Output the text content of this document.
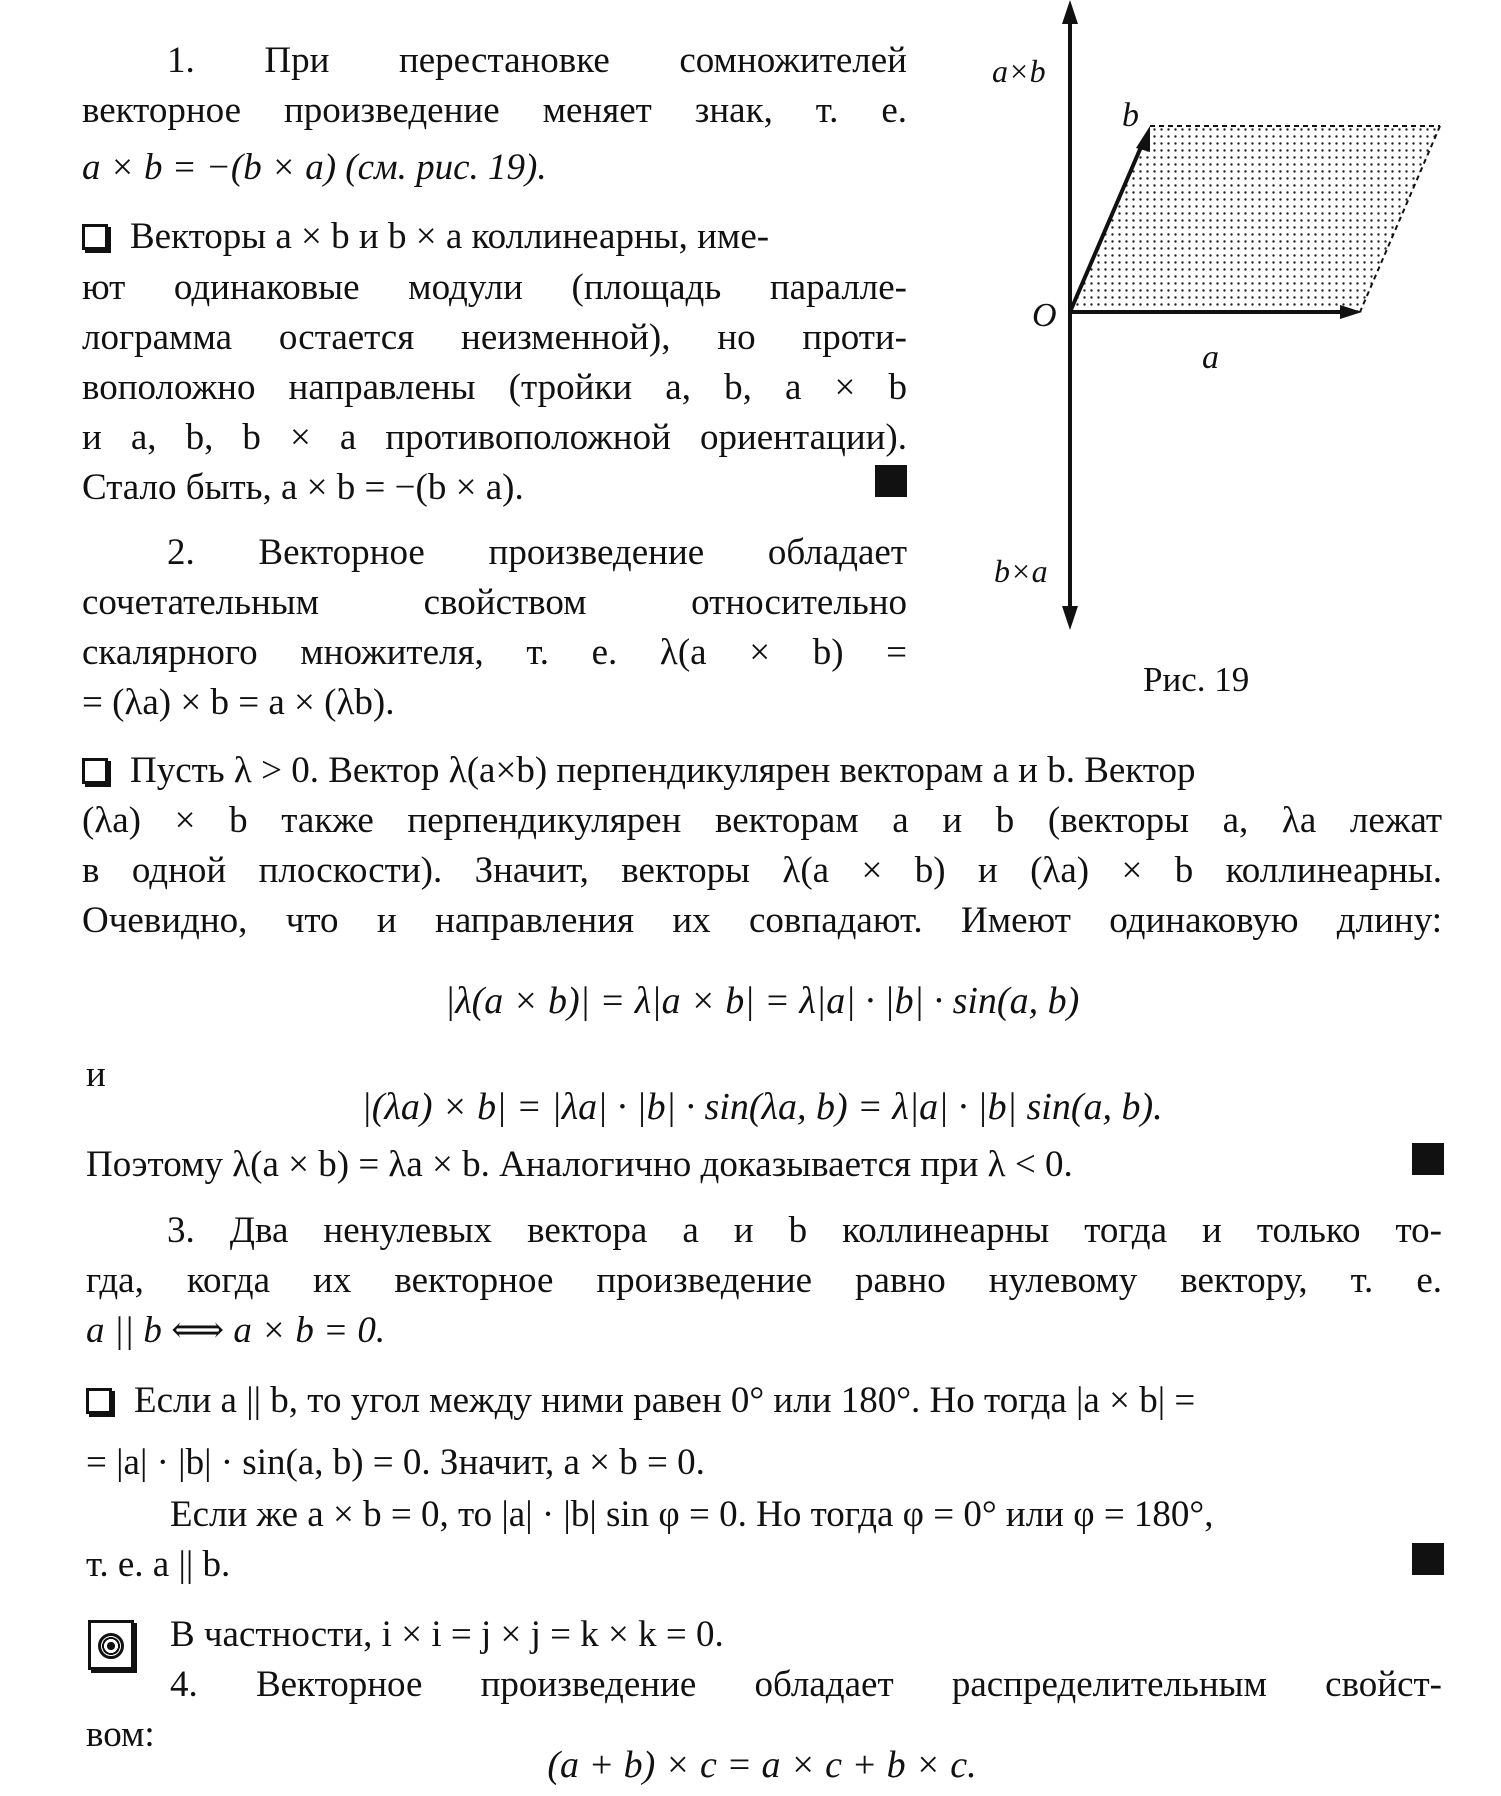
1. При перестановке сомножителей
векторное произведение меняет знак, т. е.
a × b = −(b × a) (см. рис. 19).
Векторы a × b и b × a коллинеарны, име-
ют одинаковые модули (площадь паралле-
лограмма остается неизменной), но проти-
воположно направлены (тройки a, b, a × b
и a, b, b × a противоположной ориентации).
Стало быть, a × b = −(b × a).
2. Векторное произведение обладает
сочетательным свойством относительно
скалярного множителя, т. е. λ(a × b) =
= (λa) × b = a × (λb).
a×b
b
O
a
b×a
Рис. 19
Пусть λ > 0. Вектор λ(a×b) перпендикулярен векторам a и b. Вектор
(λa) × b также перпендикулярен векторам a и b (векторы a, λa лежат
в одной плоскости). Значит, векторы λ(a × b) и (λa) × b коллинеарны.
Очевидно, что и направления их совпадают. Имеют одинаковую длину:
|λ(a × b)| = λ|a × b| = λ|a| · |b| · sin(a, b)
и
|(λa) × b| = |λa| · |b| · sin(λa, b) = λ|a| · |b| sin(a, b).
Поэтому λ(a × b) = λa × b. Аналогично доказывается при λ < 0.
3. Два ненулевых вектора a и b коллинеарны тогда и только то-
гда, когда их векторное произведение равно нулевому вектору, т. е.
a || b ⟺ a × b = 0.
Если a || b, то угол между ними равен 0° или 180°. Но тогда |a × b| =
= |a| · |b| · sin(a, b) = 0. Значит, a × b = 0.
Если же a × b = 0, то |a| · |b| sin φ = 0. Но тогда φ = 0° или φ = 180°,
т. е. a || b.
В частности, i × i = j × j = k × k = 0.
4. Векторное произведение обладает распределительным свойст-
вом:
(a + b) × c = a × c + b × c.
